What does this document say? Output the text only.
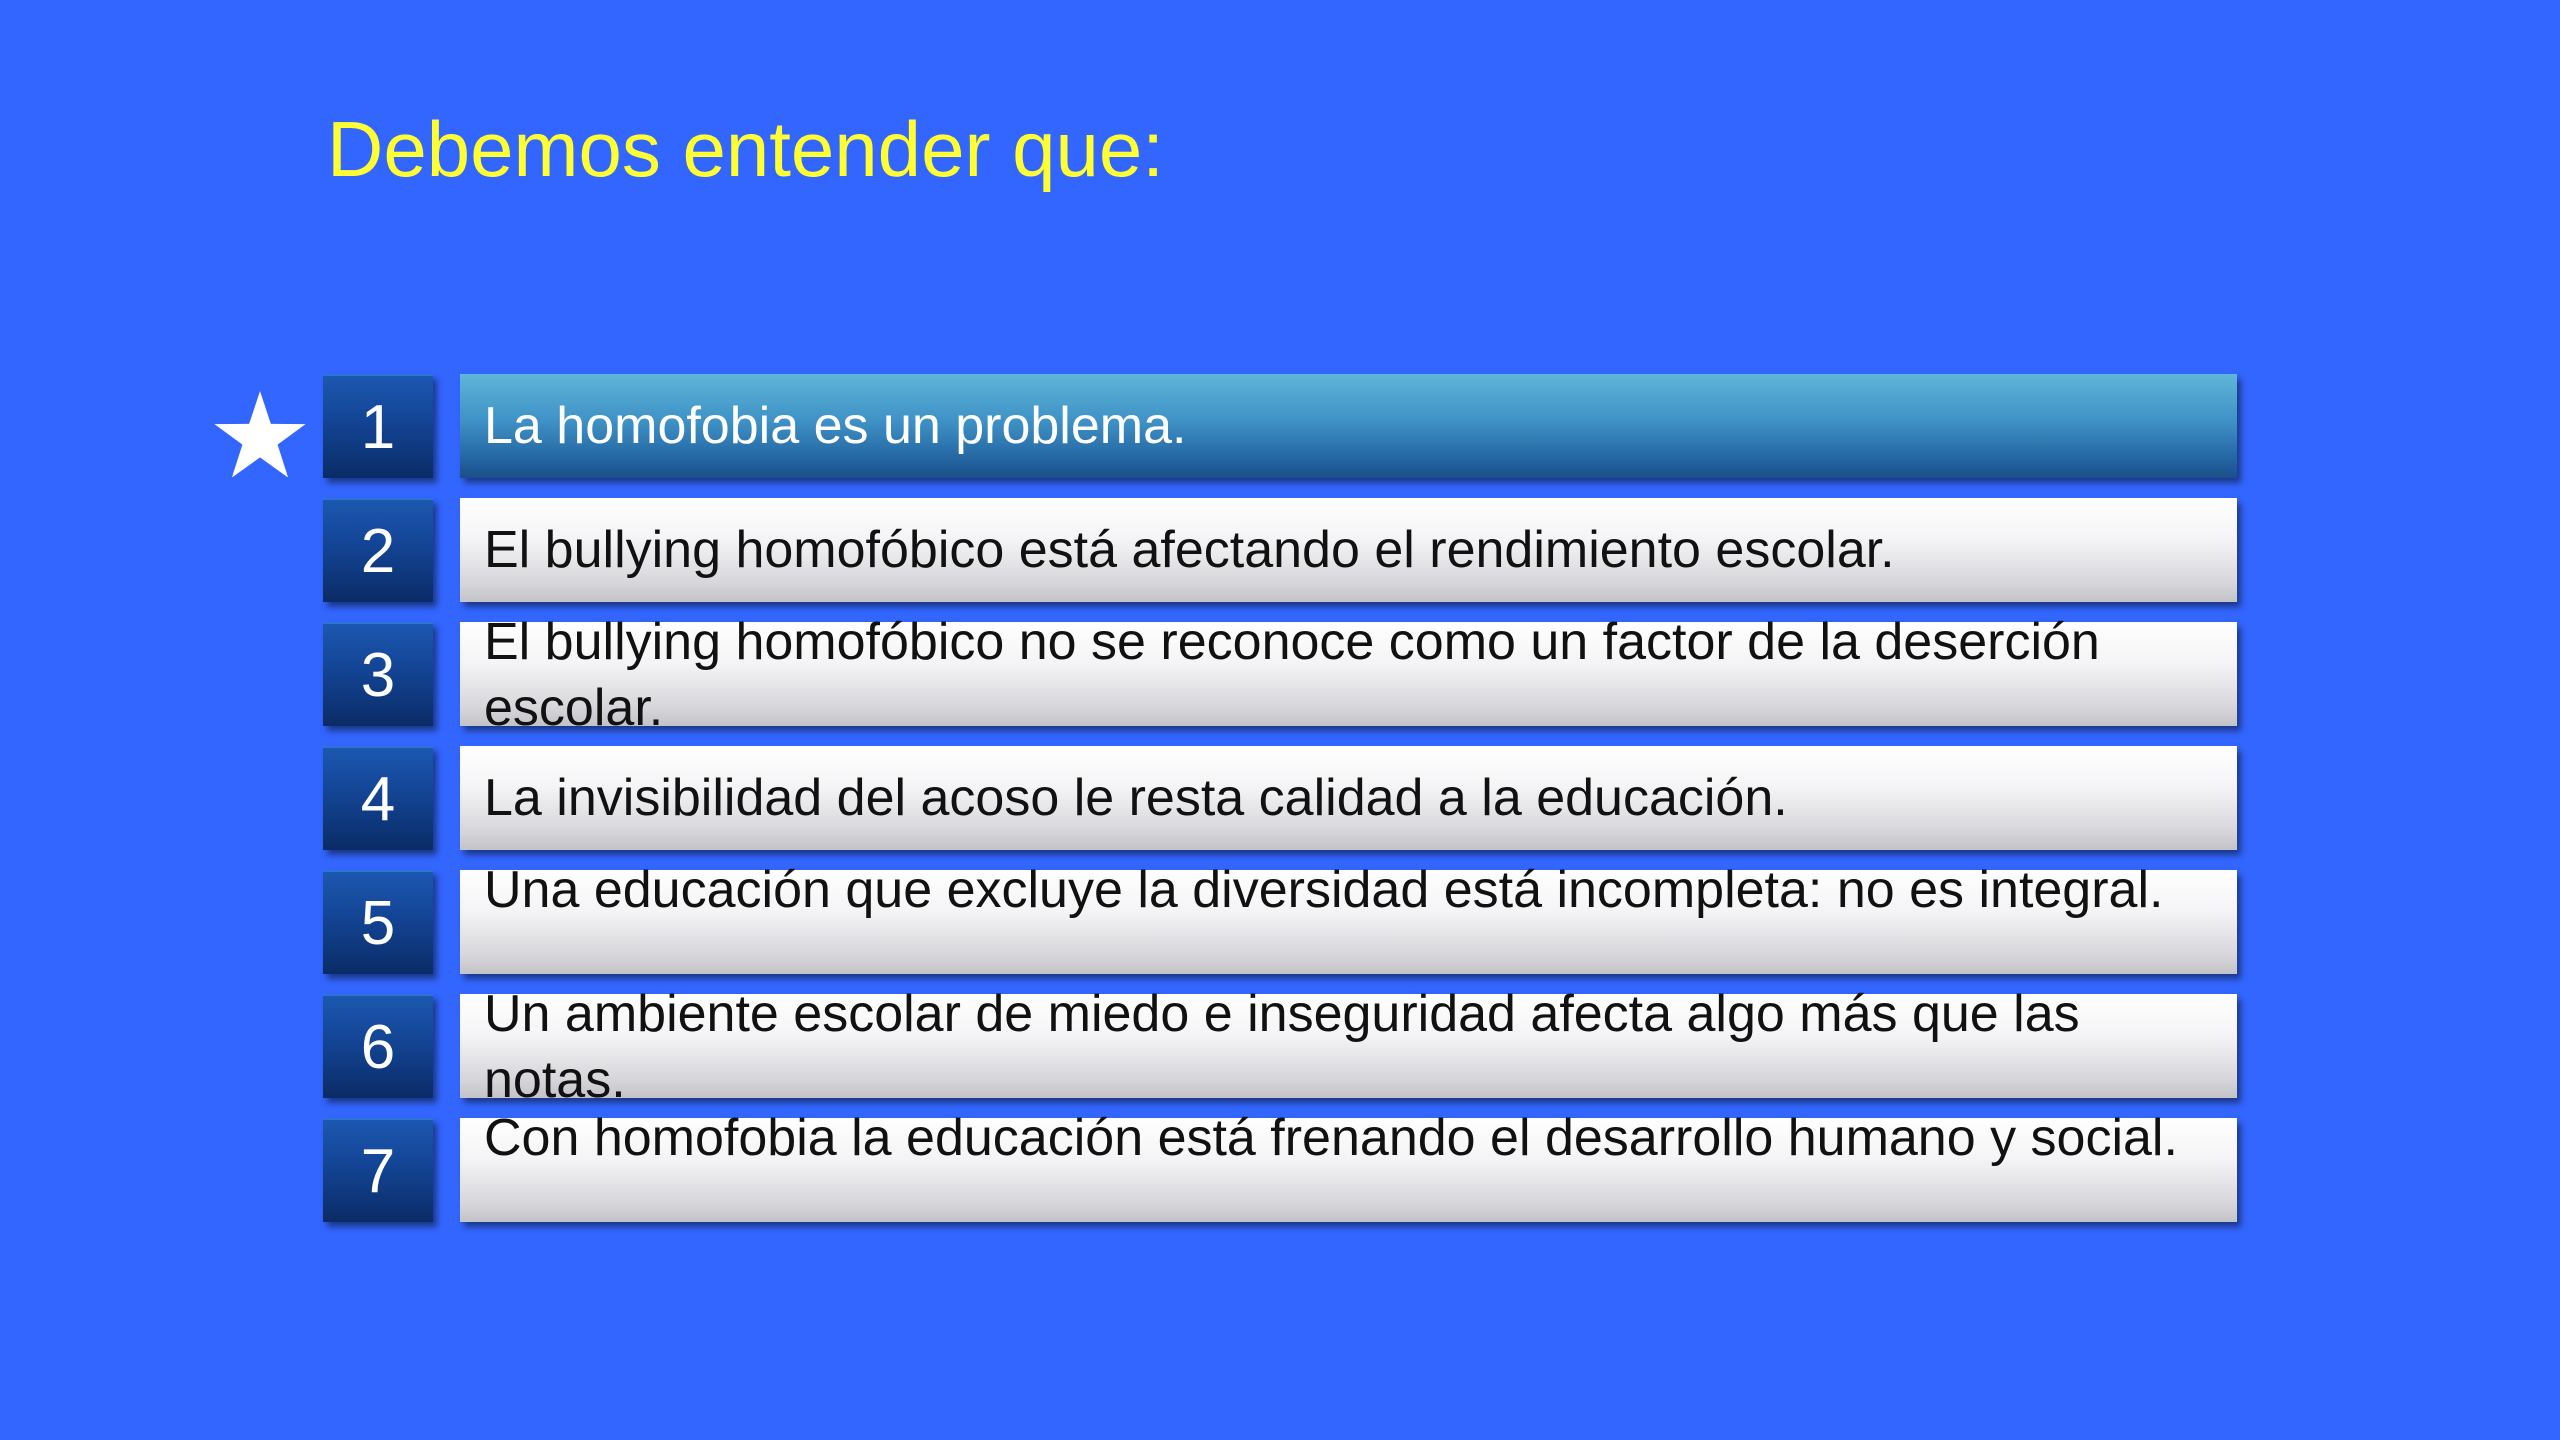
Debemos entender que:
1	La homofobia es un problema.
2	El bullying homofóbico está afectando el rendimiento escolar.
3	El bullying homofóbico no se reconoce como un factor de la deserción escolar.
4	La invisibilidad del acoso le resta calidad a la educación.
5	Una educación que excluye la diversidad está incompleta: no es integral.
6	Un ambiente escolar de miedo e inseguridad afecta algo más que las notas.
7	Con homofobia la educación está frenando el desarrollo humano y social.
